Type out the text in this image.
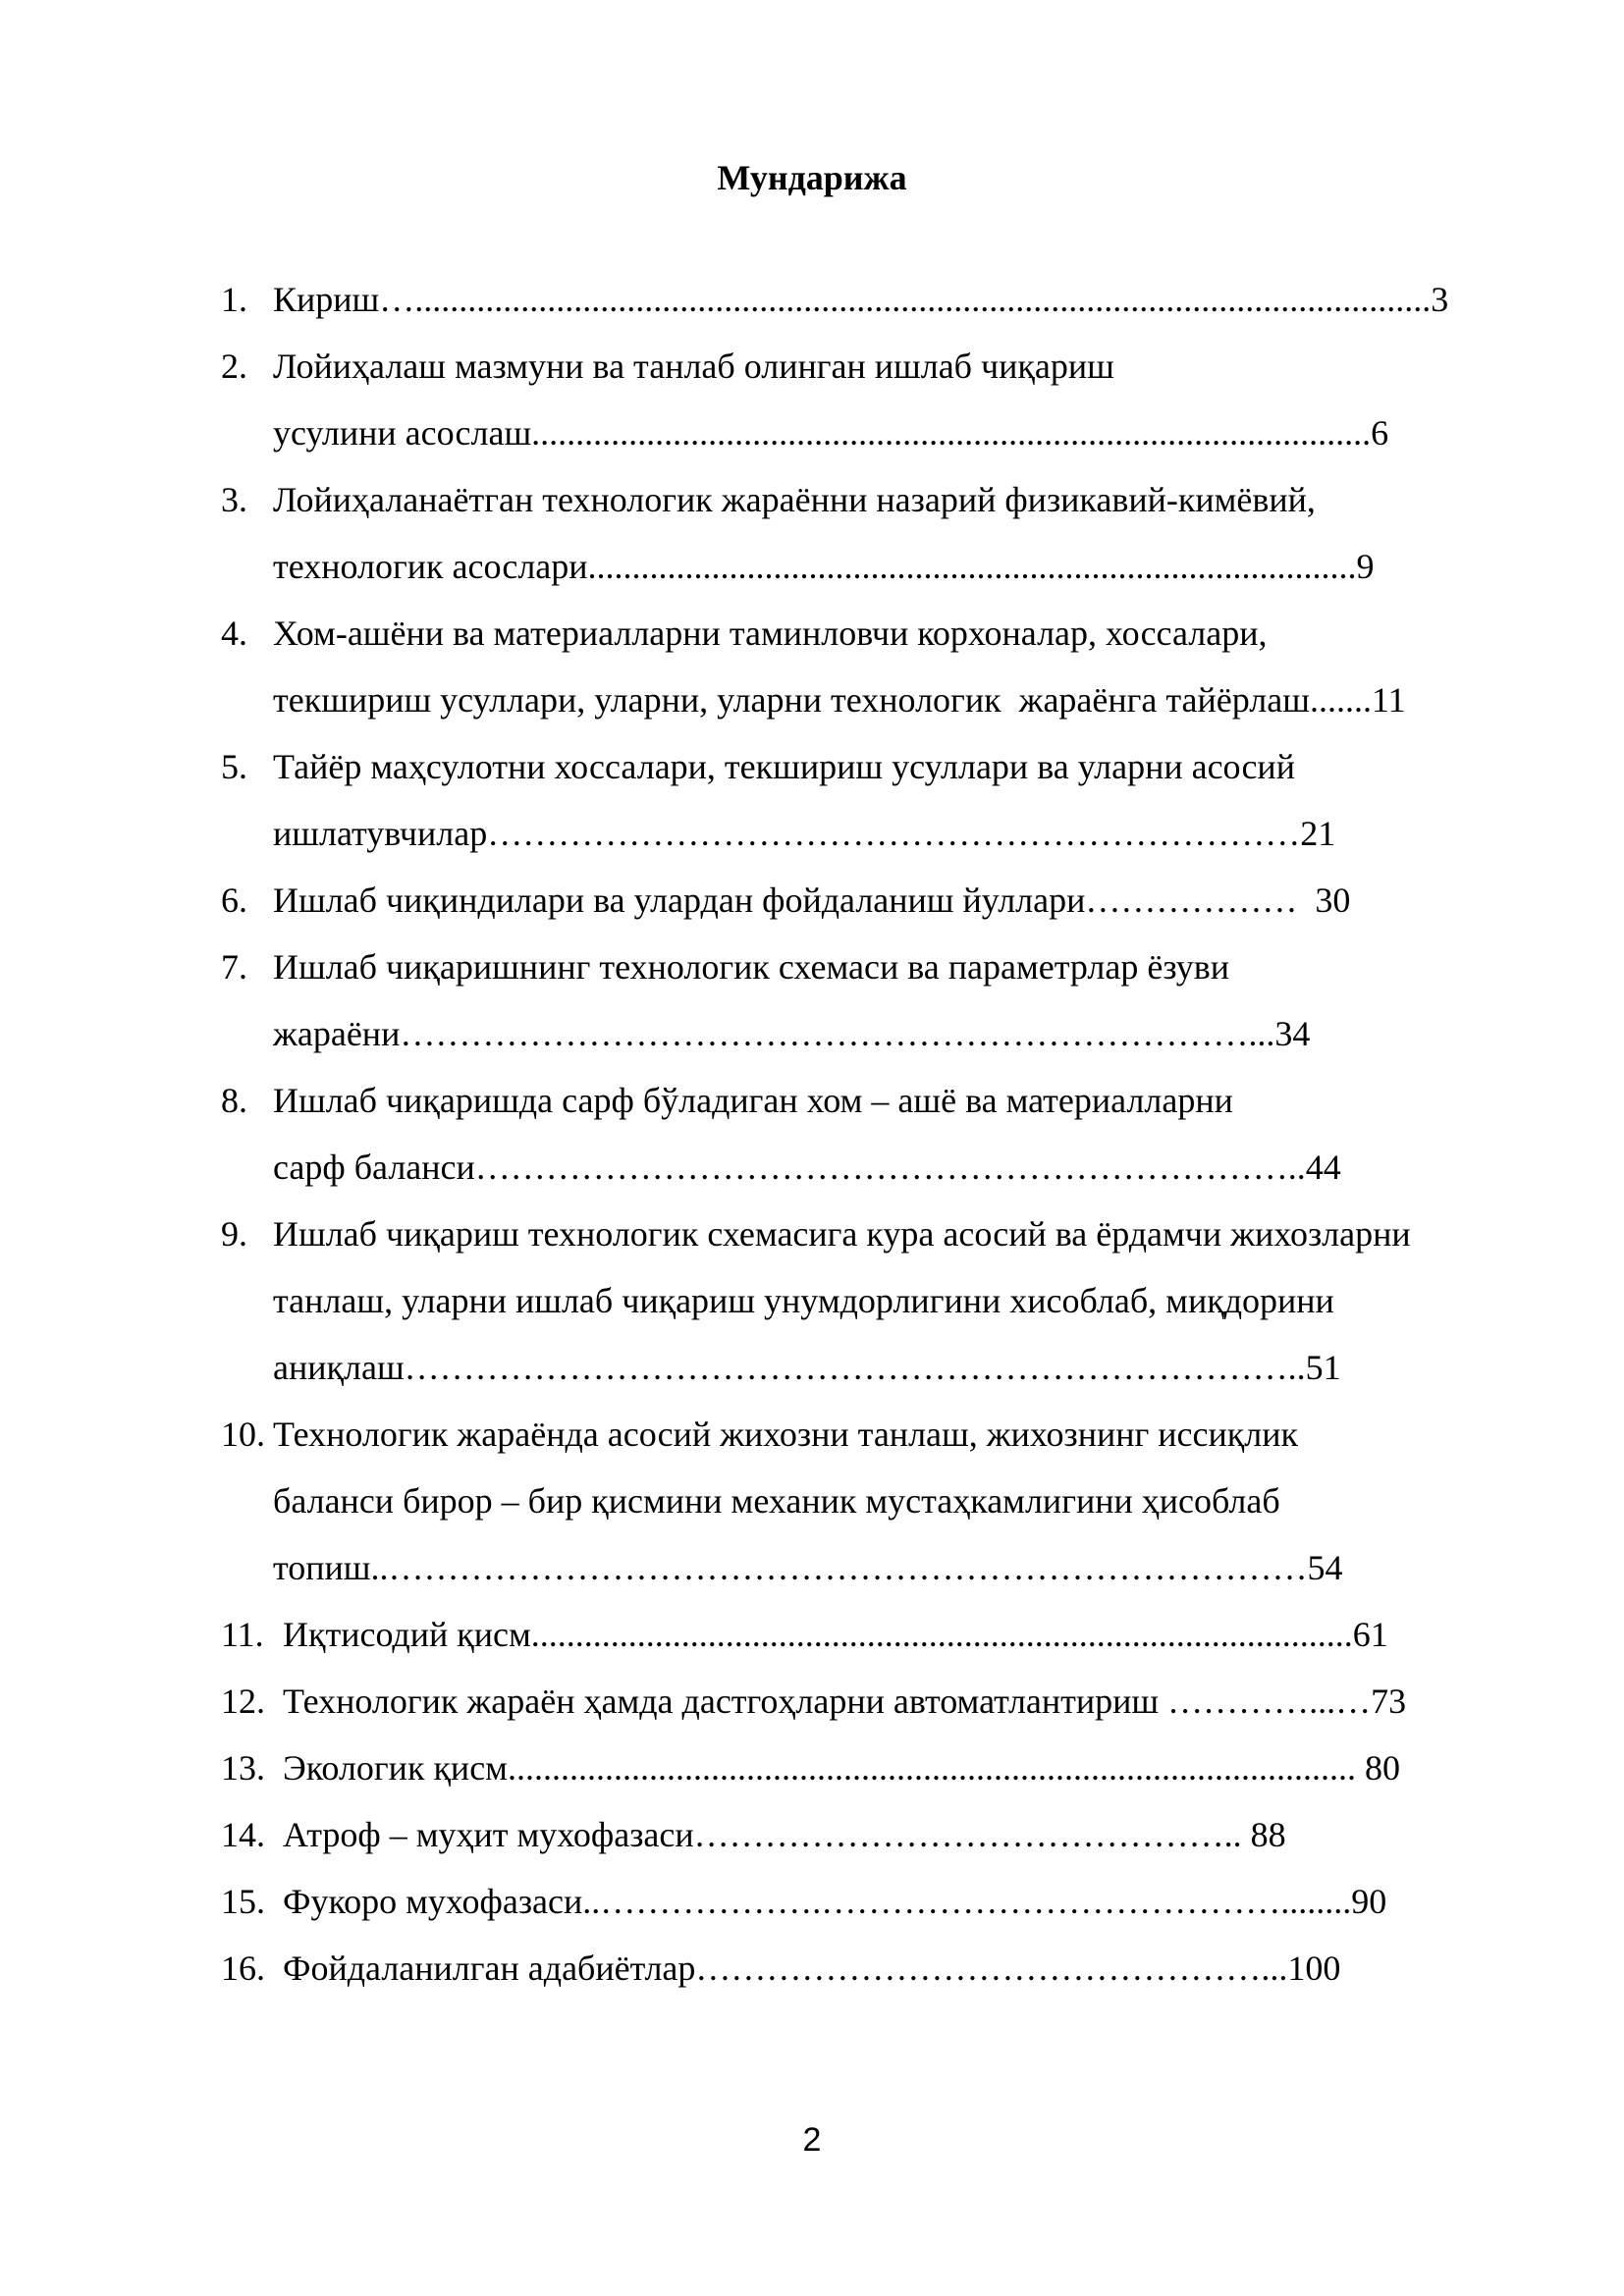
Мундарижа
1. Кириш…...................................................................................................................3
2. Лойиҳалаш мазмуни ва танлаб олинган ишлаб чиқариш
усулини асослаш...............................................................................................6
3. Лойиҳаланаётган технологик жараённи назарий физикавий-кимёвий,
технологик асослари.......................................................................................9
4. Хом-ашёни ва материалларни таминловчи корхоналар, хоссалари,
текшириш усуллари, уларни, уларни технологик  жараёнга тайёрлаш.......11
5. Тайёр маҳсулотни хоссалари, текшириш усуллари ва уларни асосий
ишлатувчилар……………………………………………………………21
6. Ишлаб чиқиндилари ва улардан фойдаланиш йуллари………………  30
7. Ишлаб чиқаришнинг технологик схемаси ва параметрлар ёзуви
жараёни………………………………………………………………...34
8. Ишлаб чиқаришда сарф бўладиган хом – ашё ва материалларни
сарф баланси……………………………………………………………..44
9. Ишлаб чиқариш технологик схемасига кура асосий ва ёрдамчи жихозларни
танлаш, уларни ишлаб чиқариш унумдорлигини хисоблаб, миқдорини
аниқлаш…………………………………………………………………..51
10. Технологик жараёнда асосий жихозни танлаш, жихознинг иссиқлик
баланси бирор – бир қисмини механик мустаҳкамлигини ҳисоблаб
топиш..……………………………………………………………………54
11. Иқтисодий қисм.............................................................................................61
12. Технологик жараён ҳамда дастгоҳларни автоматлантириш …………...…73
13. Экологик қисм................................................................................................ 80
14. Атроф – муҳит мухофазаси……………………………………….. 88
15. Фукоро мухофазаси..……………….…………………………………........90
16. Фойдаланилган адабиётлар…………………………………………...100
2
